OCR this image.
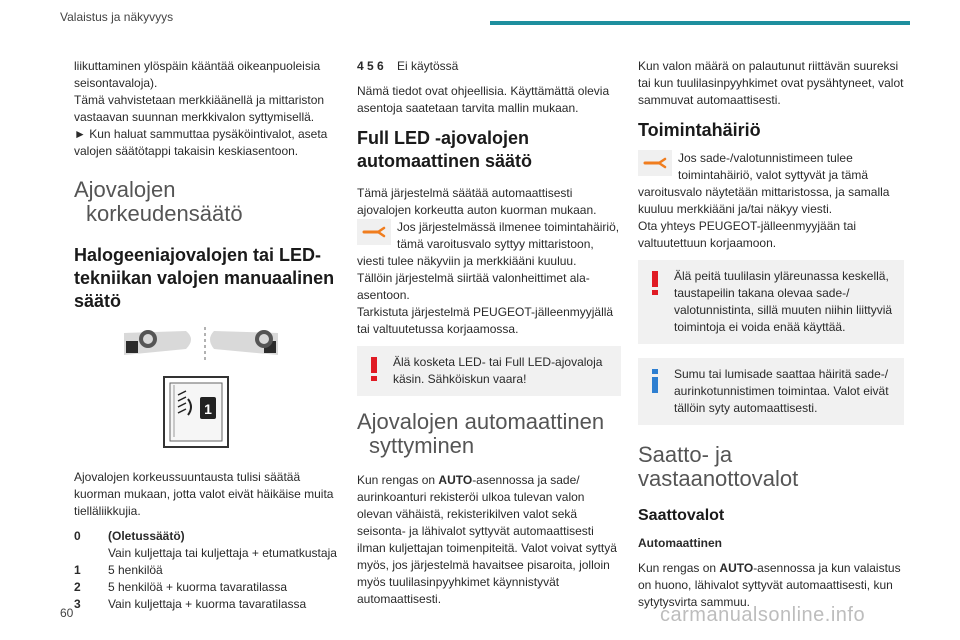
Valaistus ja näkyvyys

liikuttaminen ylöspäin kääntää oikeanpuoleisia seisontavaloja).

Tämä vahvistetaan merkkiäänellä ja mittariston vastaavan suunnan merkkivalon syttymisellä.

► Kun haluat sammuttaa pysäköintivalot, aseta valojen säätötappi takaisin keskiasentoon.

Ajovalojen
korkeudensäätö
Halogeeniajovalojen tai LED-tekniikan valojen manuaalinen säätö
1

Ajovalojen korkeussuuntausta tulisi säätää kuorman mukaan, jotta valot eivät häikäise muita tielläliikkujia.

0	(Oletussäätö)
Vain kuljettaja tai kuljettaja + etumatkustaja
1	5 henkilöä
2	5 henkilöä + kuorma tavaratilassa
3	Vain kuljettaja + kuorma tavaratilassa
4 5 6	Ei käytössä

Nämä tiedot ovat ohjeellisia. Käyttämättä olevia asentoja saatetaan tarvita mallin mukaan.

Full LED -ajovalojen automaattinen säätö

Tämä järjestelmä säätää automaattisesti ajovalojen korkeutta auton kuorman mukaan.

Jos järjestelmässä ilmenee toimintahäiriö, tämä varoitusvalo syttyy mittaristoon, viesti tulee näkyviin ja merkkiääni kuuluu.

Tällöin järjestelmä siirtää valonheittimet ala-asentoon.

Tarkistuta järjestelmä PEUGEOT-jälleenmyyjällä tai valtuutetussa korjaamossa.

Älä kosketa LED- tai Full LED-ajovaloja käsin. Sähköiskun vaara!
Ajovalojen automaattinen
syttyminen

Kun rengas on AUTO-asennossa ja sade/ aurinkoanturi rekisteröi ulkoa tulevan valon olevan vähäistä, rekisterikilven valot sekä seisonta- ja lähivalot syttyvät automaattisesti ilman kuljettajan toimenpiteitä. Valot voivat syttyä myös, jos järjestelmä havaitsee pisaroita, jolloin myös tuulilasinpyyhkimet käynnistyvät automaattisesti.

Kun valon määrä on palautunut riittävän suureksi tai kun tuulilasinpyyhkimet ovat pysähtyneet, valot sammuvat automaattisesti.

Toimintahäiriö
Jos sade-/valotunnistimeen tulee toimintahäiriö, valot syttyvät ja tämä varoitusvalo näytetään mittaristossa, ja samalla kuuluu merkkiääni ja/tai näkyy viesti.

Ota yhteys PEUGEOT-jälleenmyyjään tai valtuutettuun korjaamoon.

Älä peitä tuulilasin yläreunassa keskellä, taustapeilin takana olevaa sade-/ valotunnistinta, sillä muuten niihin liittyviä toimintoja ei voida enää käyttää.
Sumu tai lumisade saattaa häiritä sade-/ aurinkotunnistimen toimintaa. Valot eivät tällöin syty automaattisesti.
Saatto- ja
vastaanottovalot
Saattovalot
Automaattinen

Kun rengas on AUTO-asennossa ja kun valaistus on huono, lähivalot syttyvät automaattisesti, kun sytytysvirta sammuu.

60	carmanualsonline.info
